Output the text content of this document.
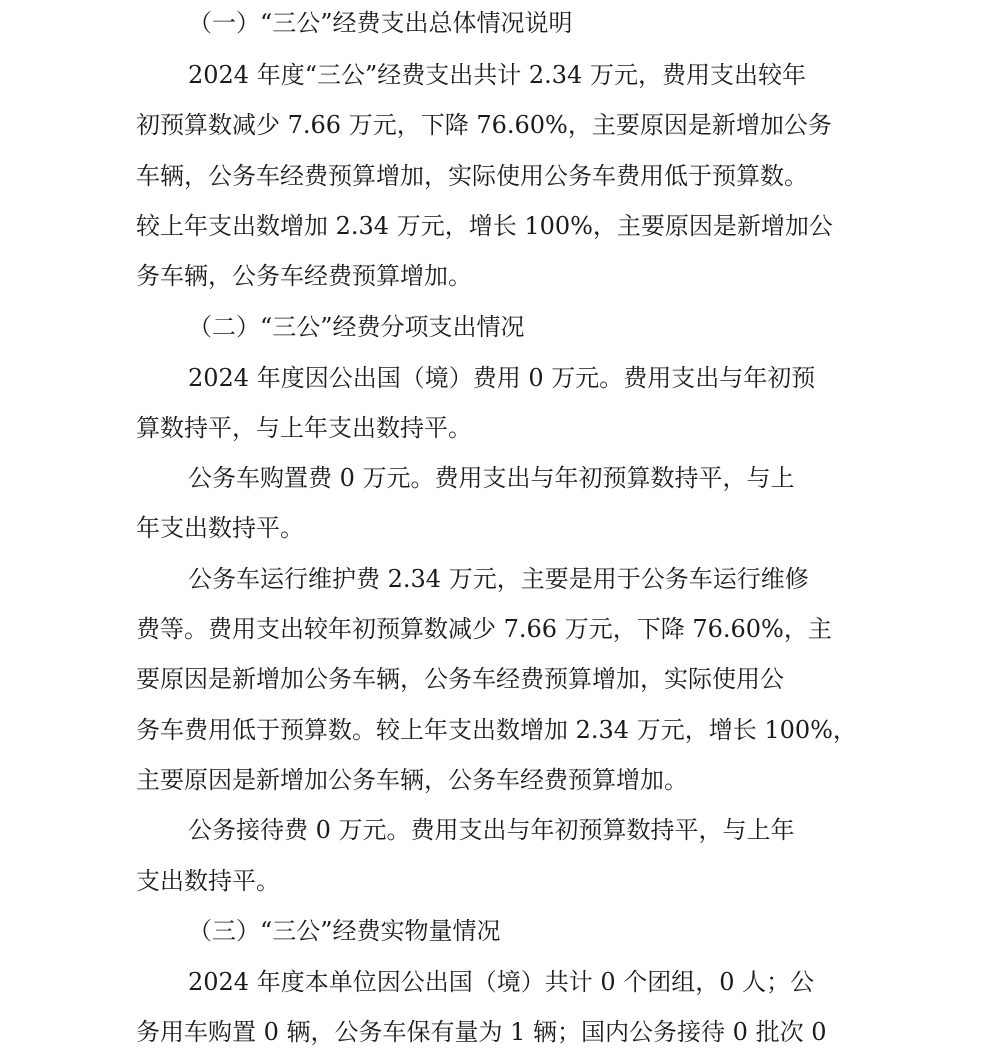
（一）“三公”经费支出总体情况说明
2024 年度“三公”经费支出共计 2.34 万元，费用支出较年
初预算数减少 7.66 万元，下降 76.60%，主要原因是新增加公务
车辆，公务车经费预算增加，实际使用公务车费用低于预算数。
较上年支出数增加 2.34 万元，增长 100%，主要原因是新增加公
务车辆，公务车经费预算增加。
（二）“三公”经费分项支出情况
2024 年度因公出国（境）费用 0 万元。费用支出与年初预
算数持平，与上年支出数持平。
公务车购置费 0 万元。费用支出与年初预算数持平，与上
年支出数持平。
公务车运行维护费 2.34 万元，主要是用于公务车运行维修
费等。费用支出较年初预算数减少 7.66 万元，下降 76.60%，主
要原因是新增加公务车辆，公务车经费预算增加，实际使用公
务车费用低于预算数。较上年支出数增加 2.34 万元，增长 100%，
主要原因是新增加公务车辆，公务车经费预算增加。
公务接待费 0 万元。费用支出与年初预算数持平，与上年
支出数持平。
（三）“三公”经费实物量情况
2024 年度本单位因公出国（境）共计 0 个团组，0 人；公
务用车购置 0 辆，公务车保有量为 1 辆；国内公务接待 0 批次 0
